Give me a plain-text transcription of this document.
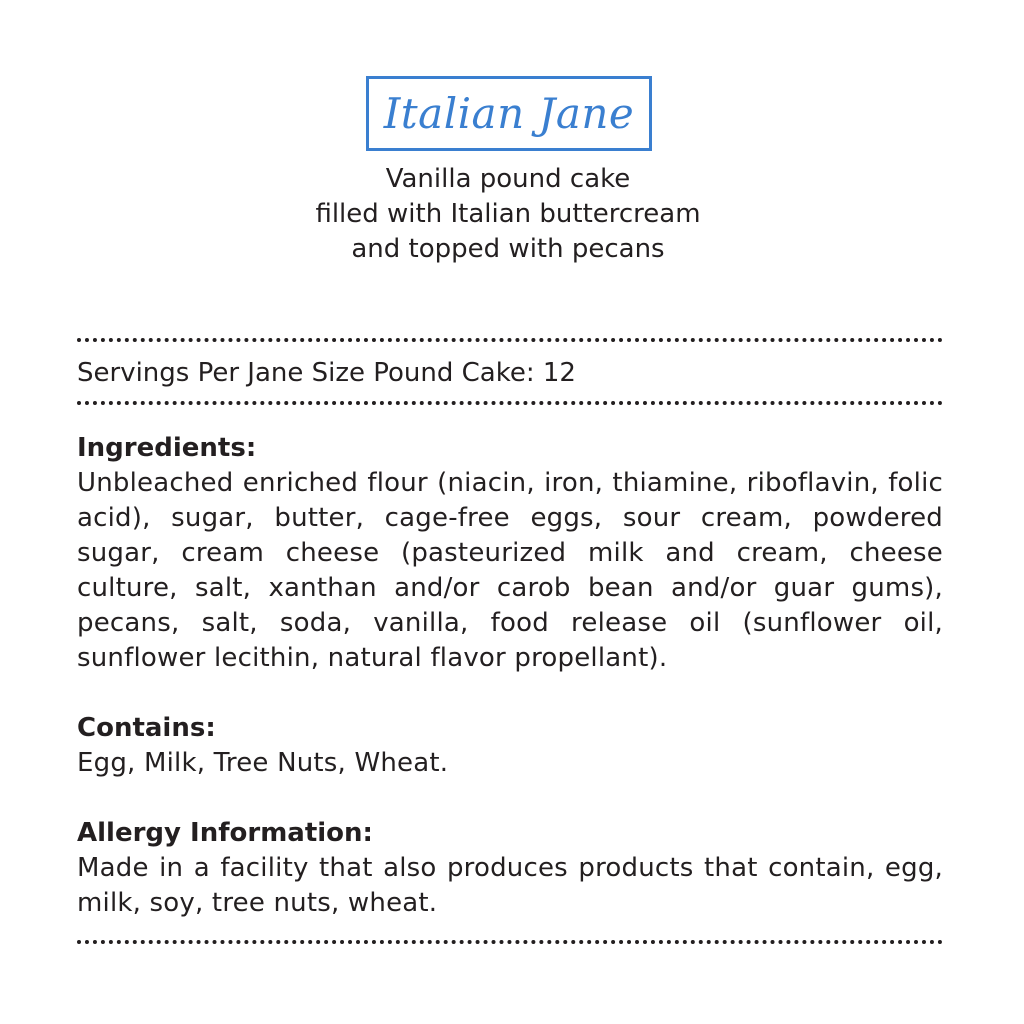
Italian Jane
Vanilla pound cake
filled with Italian buttercream
and topped with pecans
Servings Per Jane Size Pound Cake: 12
Ingredients:
Unbleached enriched flour (niacin, iron, thiamine, riboflavin, folic acid), sugar, butter, cage-free eggs, sour cream, powdered sugar, cream cheese (pasteurized milk and cream, cheese culture, salt, xanthan and/or carob bean and/or guar gums), pecans, salt, soda, vanilla, food release oil (sunflower oil, sunflower lecithin, natural flavor propellant).
Contains:
Egg, Milk, Tree Nuts, Wheat.
Allergy Information:
Made in a facility that also produces products that contain, egg, milk, soy, tree nuts, wheat.
